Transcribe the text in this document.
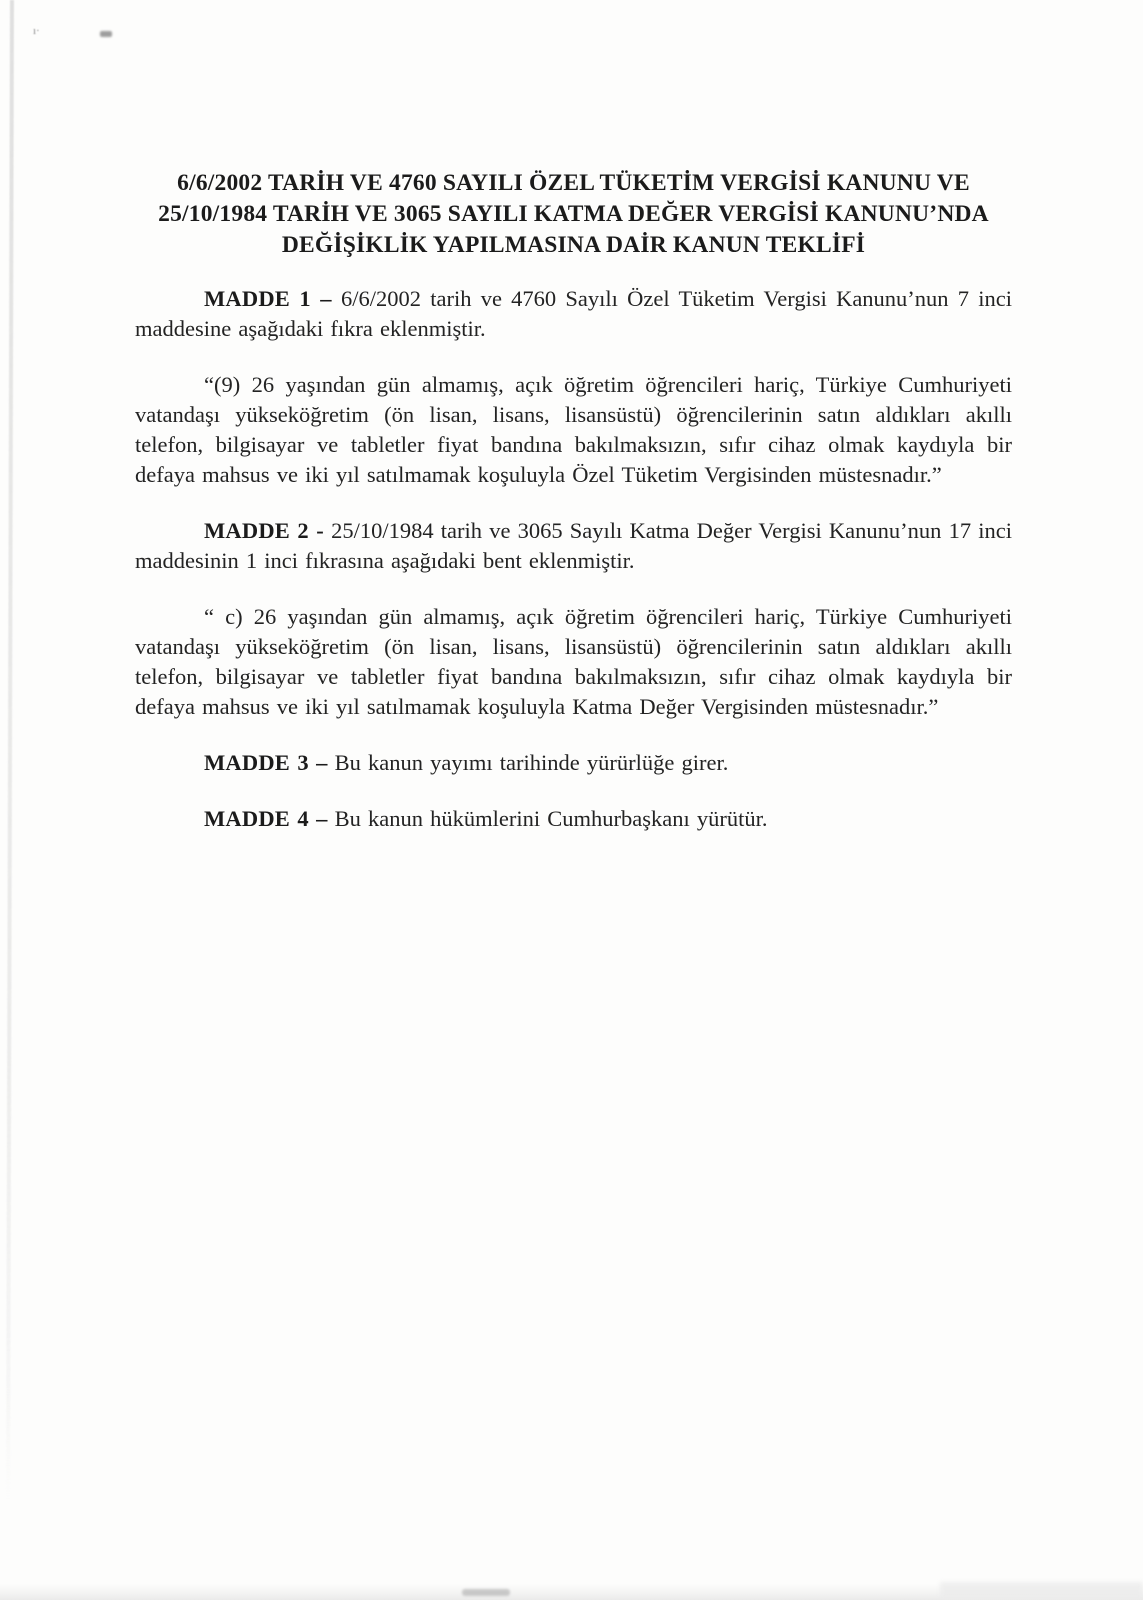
ı·
6/6/2002 TARİH VE 4760 SAYILI ÖZEL TÜKETİM VERGİSİ KANUNU VE
25/10/1984 TARİH VE 3065 SAYILI KATMA DEĞER VERGİSİ KANUNU’NDA
DEĞİŞİKLİK YAPILMASINA DAİR KANUN TEKLİFİ

MADDE 1 – 6/6/2002 tarih ve 4760 Sayılı Özel Tüketim Vergisi Kanunu’nun 7 inci maddesine aşağıdaki fıkra eklenmiştir.

“(9) 26 yaşından gün almamış, açık öğretim öğrencileri hariç, Türkiye Cumhuriyeti vatandaşı yükseköğretim (ön lisan, lisans, lisansüstü) öğrencilerinin satın aldıkları akıllı telefon, bilgisayar ve tabletler fiyat bandına bakılmaksızın, sıfır cihaz olmak kaydıyla bir defaya mahsus ve iki yıl satılmamak koşuluyla Özel Tüketim Vergisinden müstesnadır.”

MADDE 2 - 25/10/1984 tarih ve 3065 Sayılı Katma Değer Vergisi Kanunu’nun 17 inci maddesinin 1 inci fıkrasına aşağıdaki bent eklenmiştir.

“ c) 26 yaşından gün almamış, açık öğretim öğrencileri hariç, Türkiye Cumhuriyeti vatandaşı yükseköğretim (ön lisan, lisans, lisansüstü) öğrencilerinin satın aldıkları akıllı telefon, bilgisayar ve tabletler fiyat bandına bakılmaksızın, sıfır cihaz olmak kaydıyla bir defaya mahsus ve iki yıl satılmamak koşuluyla Katma Değer Vergisinden müstesnadır.”

MADDE 3 – Bu kanun yayımı tarihinde yürürlüğe girer.

MADDE 4 – Bu kanun hükümlerini Cumhurbaşkanı yürütür.
